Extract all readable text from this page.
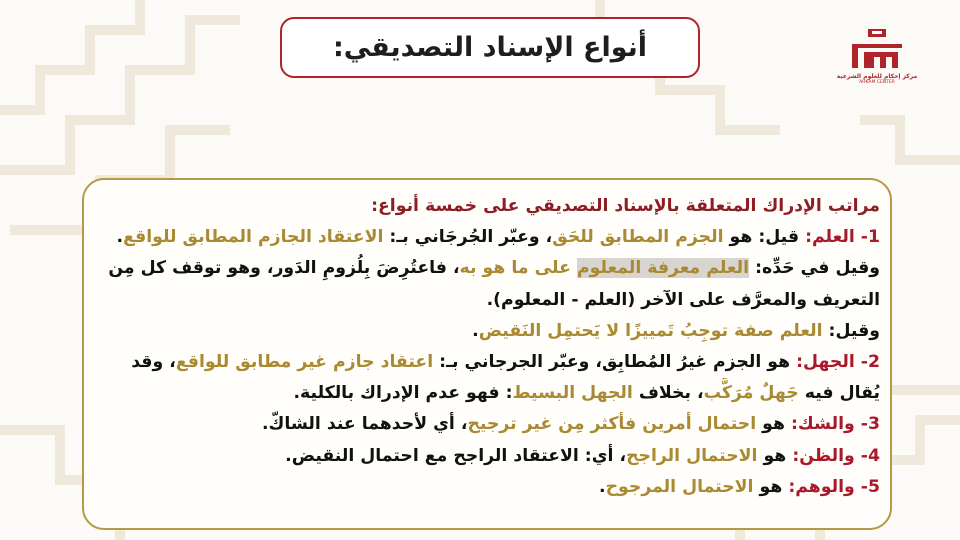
أنواع الإسناد التصديقي:
مركز إحكام للعلوم الشرعية
AHKAM CENTER
مراتب الإدراك المتعلقة بالإسناد التصديقي على خمسة أنواع:
1- العلم: قيل: هو الجزم المطابق للحَق، وعبّر الجُرجَاني بـ: الاعتقاد الجازم المطابق للواقع.
وقيل في حَدِّه: العلم معرفة المعلوم على ما هو به، فاعتُرِضَ بِلُزومِ الدَور، وهو توقف كل مِن
التعريف والمعرَّف على الآخر (العلم - المعلوم).
وقيل: العلم صفة توجِبُ تَمييزًا لا يَحتمِل النَقيض.
2- الجهل: هو الجزم غيرُ المُطابِق، وعبّر الجرجاني بـ: اعتقاد جازم غير مطابق للواقع، وقد
يُقال فيه جَهلٌ مُرَكَّب، بخلاف الجهل البسيط: فهو عدم الإدراك بالكلية.
3- والشك: هو احتمال أمرين فأكثر مِن غير ترجيح، أي لأحدهما عند الشاكّ.
4- والظن: هو الاحتمال الراجح، أي: الاعتقاد الراجح مع احتمال النقيض.
5- والوهم: هو الاحتمال المرجوح.
